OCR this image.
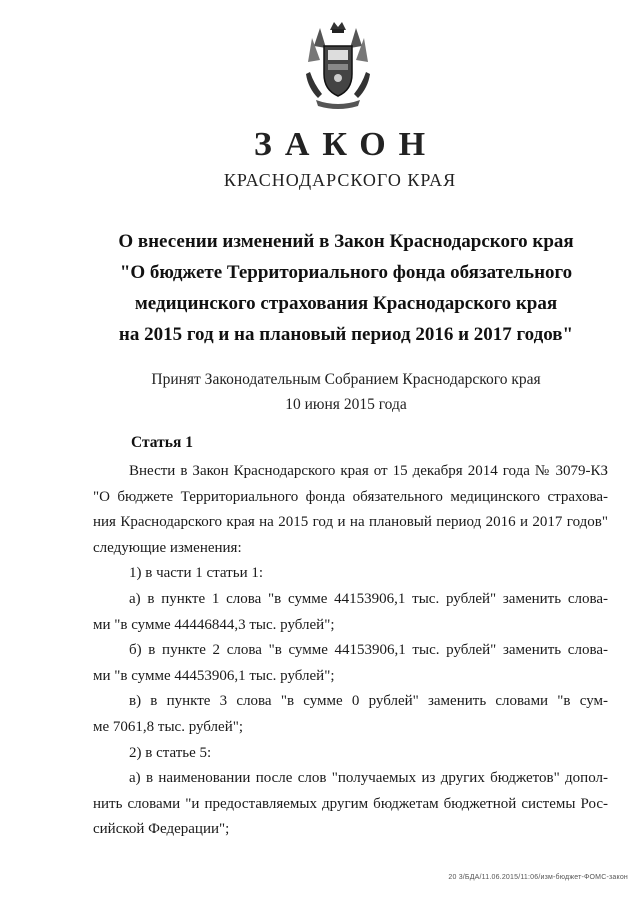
ЗАКОН
КРАСНОДАРСКОГО КРАЯ
О внесении изменений в Закон Краснодарского края
"О бюджете Территориального фонда обязательного
медицинского страхования Краснодарского края
на 2015 год и на плановый период 2016 и 2017 годов"
Принят Законодательным Собранием Краснодарского края
10 июня 2015 года
Статья 1
Внести в Закон Краснодарского края от 15 декабря 2014 года № 3079-КЗ
"О бюджете Территориального фонда обязательного медицинского страхова-
ния Краснодарского края на 2015 год и на плановый период 2016 и 2017 годов"
следующие изменения:
1) в части 1 статьи 1:
а) в пункте 1 слова "в сумме 44153906,1 тыс. рублей" заменить слова-
ми "в сумме 44446844,3 тыс. рублей";
б) в пункте 2 слова "в сумме 44153906,1 тыс. рублей" заменить слова-
ми "в сумме 44453906,1 тыс. рублей";
в) в пункте 3 слова "в сумме 0 рублей" заменить словами "в сум-
ме 7061,8 тыс. рублей";
2) в статье 5:
а) в наименовании после слов "получаемых из других бюджетов" допол-
нить словами "и предоставляемых другим бюджетам бюджетной системы Рос-
сийской Федерации";
20 3/БДА/11.06.2015/11:06/изм-бюджет-ФОМС-закон
